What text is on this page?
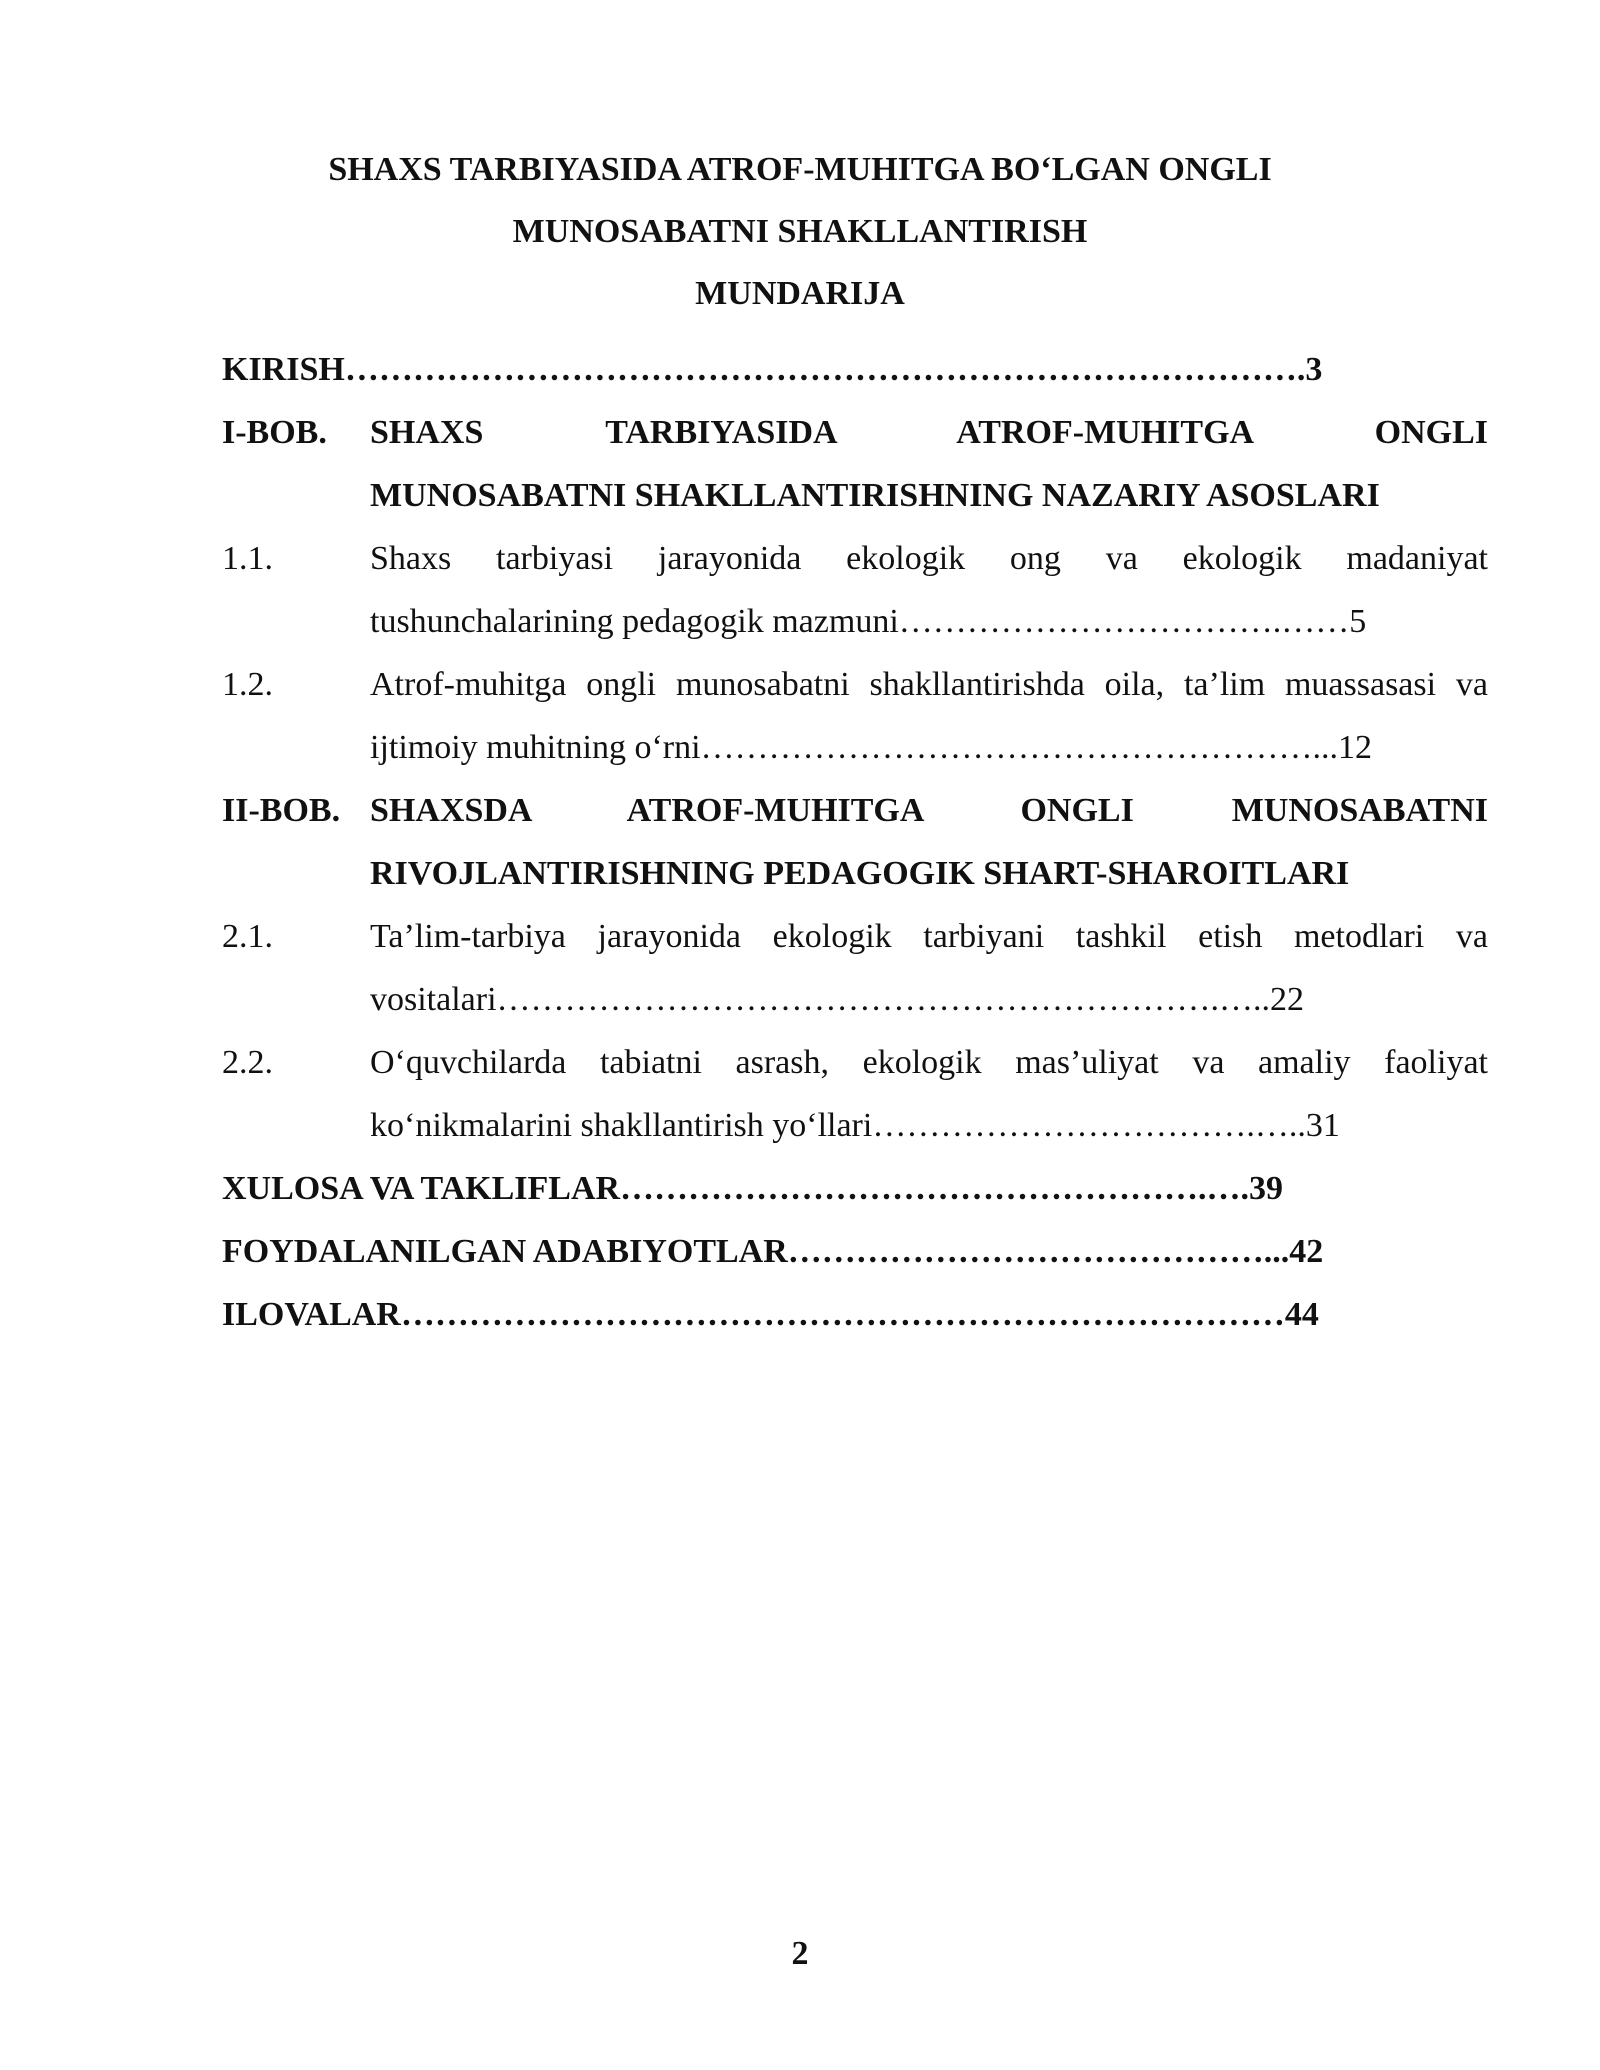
SHAXS TARBIYASIDA ATROF-MUHITGA BO‘LGAN ONGLI
MUNOSABATNI SHAKLLANTIRISH
MUNDARIJA
KIRISH………………………………………………………………………….3
I-BOB. SHAXS TARBIYASIDA ATROF-MUHITGA ONGLI
MUNOSABATNI SHAKLLANTIRISHNING NAZARIY ASOSLARI
1.1.	Shaxs tarbiyasi jarayonida ekologik ong va ekologik madaniyat
tushunchalarining pedagogik mazmuni…………………………….……5
1.2.	Atrof-muhitga ongli munosabatni shakllantirishda oila, ta’lim muassasasi va
ijtimoiy muhitning o‘rni………………………………………………...12
II-BOB. SHAXSDA ATROF-MUHITGA ONGLI MUNOSABATNI
RIVOJLANTIRISHNING PEDAGOGIK SHART-SHAROITLARI
2.1.	Ta’lim-tarbiya jarayonida ekologik tarbiyani tashkil etish metodlari va
vositalari……………………………………………………….…..22
2.2.	O‘quvchilarda tabiatni asrash, ekologik mas’uliyat va amaliy faoliyat
ko‘nikmalarini shakllantirish yo‘llari…………………………….…..31
XULOSA VA TAKLIFLAR…………………………………………….….39
FOYDALANILGAN ADABIYOTLAR……………………………………...42
ILOVALAR……………………………………………………………………44
2
